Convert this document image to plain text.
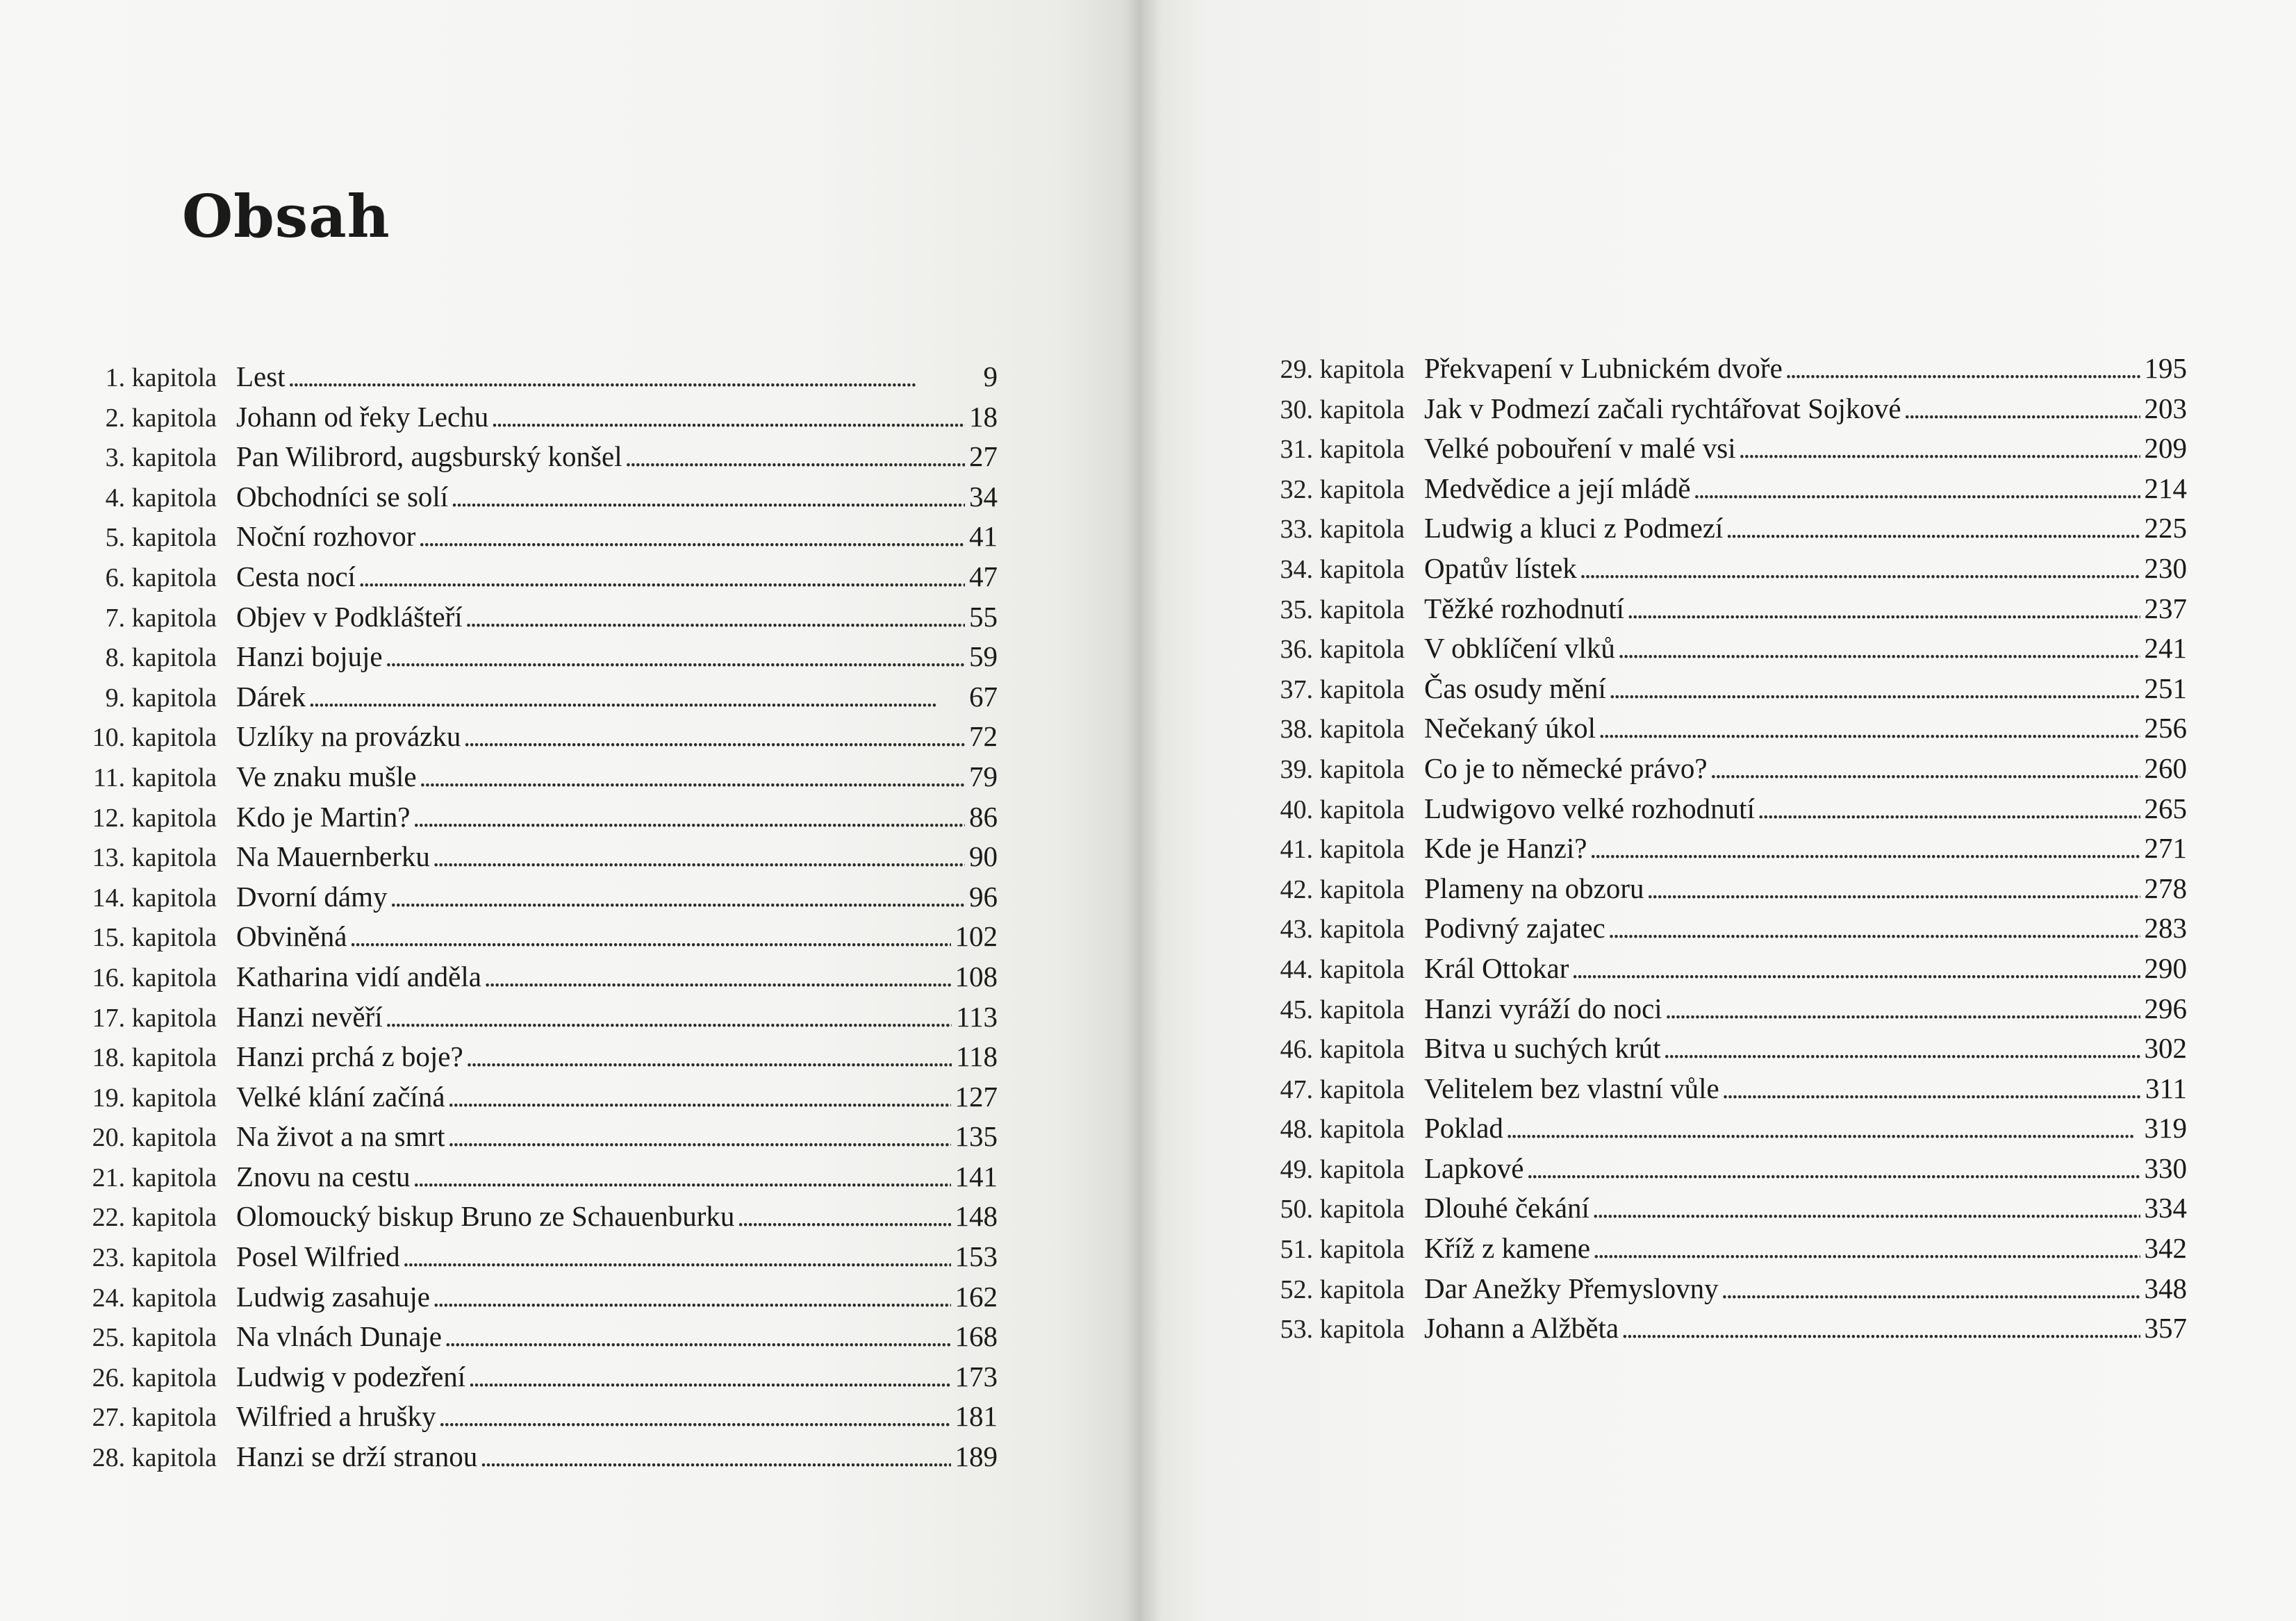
Obsah
1. kapitola Lest . . .	9
2. kapitola Johann od řeky Lechu . . .	18
3. kapitola Pan Wilibrord, augsburský konšel . . .	27
4. kapitola Obchodníci se solí . . .	34
5. kapitola Noční rozhovor . . .	41
6. kapitola Cesta nocí . . .	47
7. kapitola Objev v Podklášteří . . .	55
8. kapitola Hanzi bojuje . . .	59
9. kapitola Dárek . . .	67
10. kapitola Uzlíky na provázku . . .	72
11. kapitola Ve znaku mušle . . .	79
12. kapitola Kdo je Martin? . . .	86
13. kapitola Na Mauernberku . . .	90
14. kapitola Dvorní dámy . . .	96
15. kapitola Obviněná . . .	102
16. kapitola Katharina vidí anděla . . .	108
17. kapitola Hanzi nevěří . . .	113
18. kapitola Hanzi prchá z boje? . . .	118
19. kapitola Velké klání začíná . . .	127
20. kapitola Na život a na smrt . . .	135
21. kapitola Znovu na cestu . . .	141
22. kapitola Olomoucký biskup Bruno ze Schauenburku . . .	148
23. kapitola Posel Wilfried . . .	153
24. kapitola Ludwig zasahuje . . .	162
25. kapitola Na vlnách Dunaje . . .	168
26. kapitola Ludwig v podezření . . .	173
27. kapitola Wilfried a hrušky . . .	181
28. kapitola Hanzi se drží stranou . . .	189
29. kapitola Překvapení v Lubnickém dvoře . . .	195
30. kapitola Jak v Podmezí začali rychtářovat Sojkové . . .	203
31. kapitola Velké pobouření v malé vsi . . .	209
32. kapitola Medvědice a její mládě . . .	214
33. kapitola Ludwig a kluci z Podmezí . . .	225
34. kapitola Opatův lístek . . .	230
35. kapitola Těžké rozhodnutí . . .	237
36. kapitola V obklíčení vlků . . .	241
37. kapitola Čas osudy mění . . .	251
38. kapitola Nečekaný úkol . . .	256
39. kapitola Co je to německé právo? . . .	260
40. kapitola Ludwigovo velké rozhodnutí . . .	265
41. kapitola Kde je Hanzi? . . .	271
42. kapitola Plameny na obzoru . . .	278
43. kapitola Podivný zajatec . . .	283
44. kapitola Král Ottokar . . .	290
45. kapitola Hanzi vyráží do noci . . .	296
46. kapitola Bitva u suchých krút . . .	302
47. kapitola Velitelem bez vlastní vůle . . .	311
48. kapitola Poklad . . .	319
49. kapitola Lapkové . . .	330
50. kapitola Dlouhé čekání . . .	334
51. kapitola Kříž z kamene . . .	342
52. kapitola Dar Anežky Přemyslovny . . .	348
53. kapitola Johann a Alžběta . . .	357
